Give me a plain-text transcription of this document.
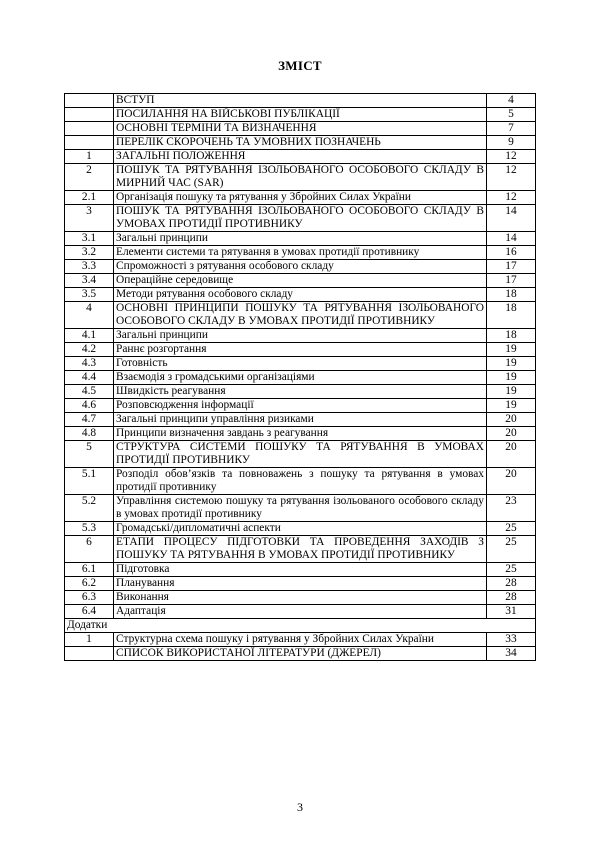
ЗМІСТ
	ВСТУП	4
	ПОСИЛАННЯ НА ВІЙСЬКОВІ ПУБЛІКАЦІЇ	5
	ОСНОВНІ ТЕРМІНИ ТА ВИЗНАЧЕННЯ	7
	ПЕРЕЛІК СКОРОЧЕНЬ ТА УМОВНИХ ПОЗНАЧЕНЬ	9
1	ЗАГАЛЬНІ ПОЛОЖЕННЯ	12
2	ПОШУК ТА РЯТУВАННЯ ІЗОЛЬОВАНОГО ОСОБОВОГО СКЛАДУ В МИРНИЙ ЧАС (SAR)	12
2.1	Організація пошуку та рятування у Збройних Силах України	12
3	ПОШУК ТА РЯТУВАННЯ ІЗОЛЬОВАНОГО ОСОБОВОГО СКЛАДУ В УМОВАХ ПРОТИДІЇ ПРОТИВНИКУ	14
3.1	Загальні принципи	14
3.2	Елементи системи та рятування в умовах протидії противнику	16
3.3	Спроможності з рятування особового складу	17
3.4	Операційне середовище	17
3.5	Методи рятування особового складу	18
4	ОСНОВНІ ПРИНЦИПИ ПОШУКУ ТА РЯТУВАННЯ ІЗОЛЬОВАНОГО ОСОБОВОГО СКЛАДУ В УМОВАХ ПРОТИДІЇ ПРОТИВНИКУ	18
4.1	Загальні принципи	18
4.2	Раннє розгортання	19
4.3	Готовність	19
4.4	Взаємодія з громадськими організаціями	19
4.5	Швидкість реагування	19
4.6	Розповсюдження інформації	19
4.7	Загальні принципи управління ризиками	20
4.8	Принципи визначення завдань з реагування	20
5	СТРУКТУРА СИСТЕМИ ПОШУКУ ТА РЯТУВАННЯ В УМОВАХ ПРОТИДІЇ ПРОТИВНИКУ	20
5.1	Розподіл обов’язків та повноважень з пошуку та рятування в умовах протидії противнику	20
5.2	Управління системою пошуку та рятування ізольованого особового складу в умовах протидії противнику	23
5.3	Громадські/дипломатичні аспекти	25
6	ЕТАПИ ПРОЦЕСУ ПІДГОТОВКИ ТА ПРОВЕДЕННЯ ЗАХОДІВ З ПОШУКУ ТА РЯТУВАННЯ В УМОВАХ ПРОТИДІЇ ПРОТИВНИКУ	25
6.1	Підготовка	25
6.2	Планування	28
6.3	Виконання	28
6.4	Адаптація	31
Додатки		
1	Структурна схема пошуку і рятування у Збройних Силах України	33
	СПИСОК ВИКОРИСТАНОЇ ЛІТЕРАТУРИ (ДЖЕРЕЛ)	34
3
